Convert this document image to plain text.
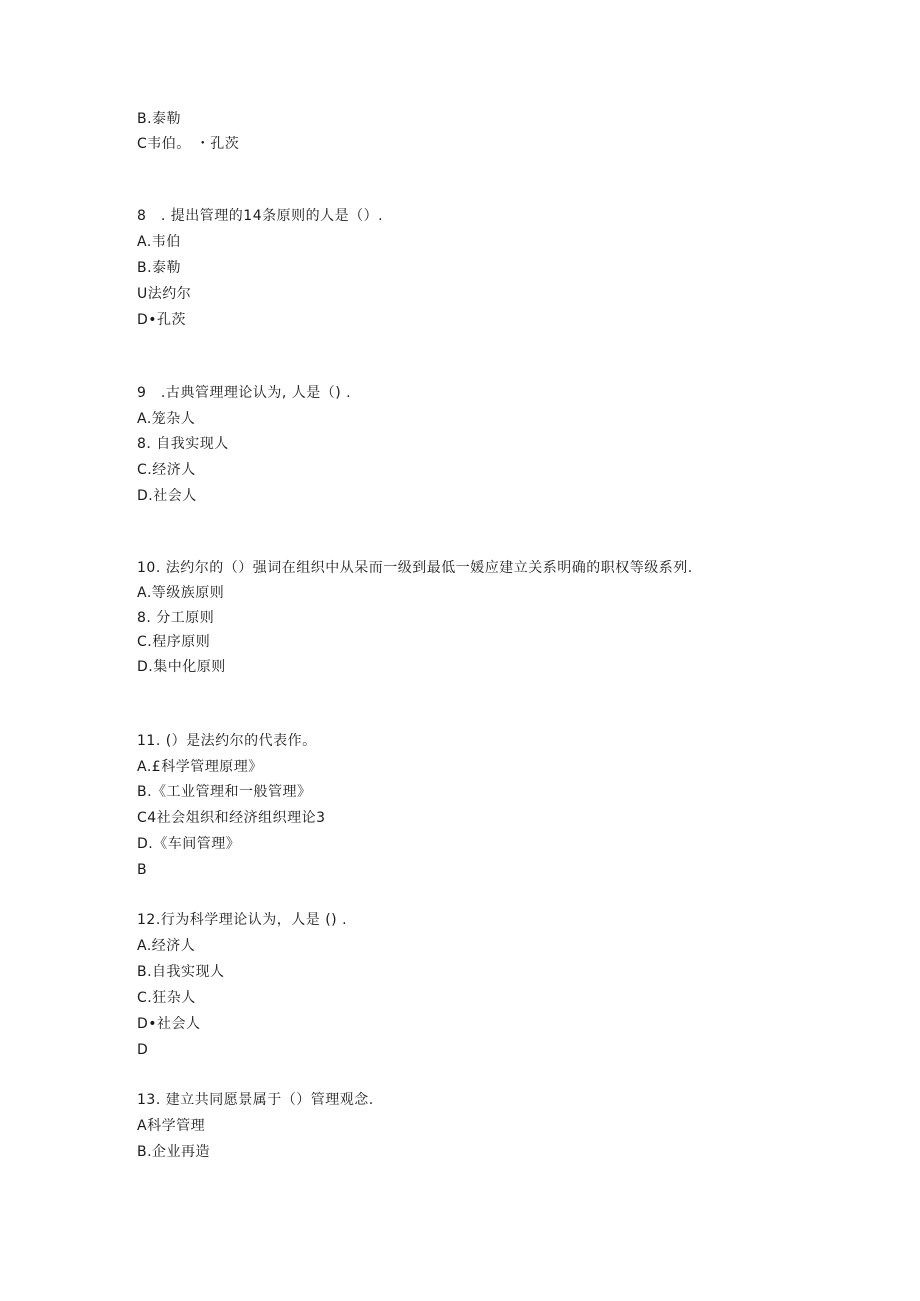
B.泰勒
C韦伯。 ・孔茨
8　. 提出管理的14条原则的人是（）.
A.韦伯
B.泰勒
U法约尔
D•孔茨
9　.古典管理理论认为, 人是（) .
A.笼杂人
8. 自我实现人
C.经济人
D.社会人
10. 法约尔的（）强词在组织中从呆而一级到最低一媛应建立关系明确的职权等级系列.
A.等级族原则
8. 分工原则
C.程序原则
D.集中化原则
11. (）是法约尔的代表作。
A.£科学管理原理》
B.《工业管理和一般管理》
C4社会俎织和经济组织理论3
D.《车间管理》
B
12.行为科学理论认为，人是 () .
A.经济人
B.自我实现人
C.狂杂人
D•社会人
D
13. 建立共同愿景属于（）管理观念.
A科学管理
B.企业再造
